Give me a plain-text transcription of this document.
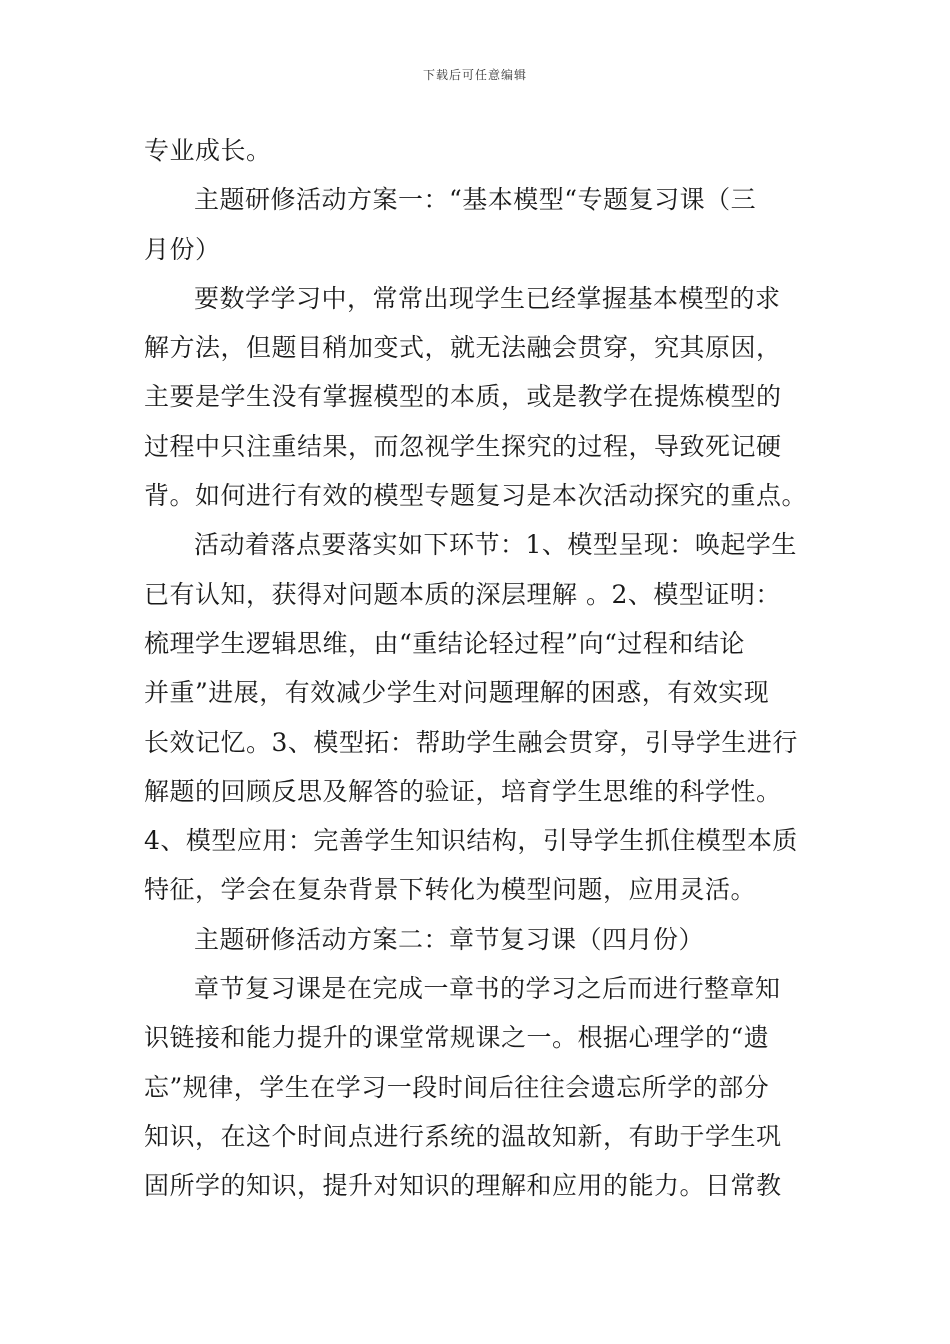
下载后可任意编辑
专业成长。
主题研修活动方案一：“基本模型“专题复习课（三
月份）
要数学学习中，常常出现学生已经掌握基本模型的求
解方法，但题目稍加变式，就无法融会贯穿，究其原因，
主要是学生没有掌握模型的本质，或是教学在提炼模型的
过程中只注重结果，而忽视学生探究的过程，导致死记硬
背。如何进行有效的模型专题复习是本次活动探究的重点。
活动着落点要落实如下环节：1、模型呈现：唤起学生
已有认知，获得对问题本质的深层理解 。2、模型证明：
梳理学生逻辑思维，由“重结论轻过程”向“过程和结论
并重”进展，有效减少学生对问题理解的困惑，有效实现
长效记忆。3、模型拓：帮助学生融会贯穿，引导学生进行
解题的回顾反思及解答的验证，培育学生思维的科学性。
4、模型应用：完善学生知识结构，引导学生抓住模型本质
特征，学会在复杂背景下转化为模型问题，应用灵活。
主题研修活动方案二：章节复习课（四月份）
章节复习课是在完成一章书的学习之后而进行整章知
识链接和能力提升的课堂常规课之一。根据心理学的“遗
忘”规律，学生在学习一段时间后往往会遗忘所学的部分
知识，在这个时间点进行系统的温故知新，有助于学生巩
固所学的知识，提升对知识的理解和应用的能力。日常教
